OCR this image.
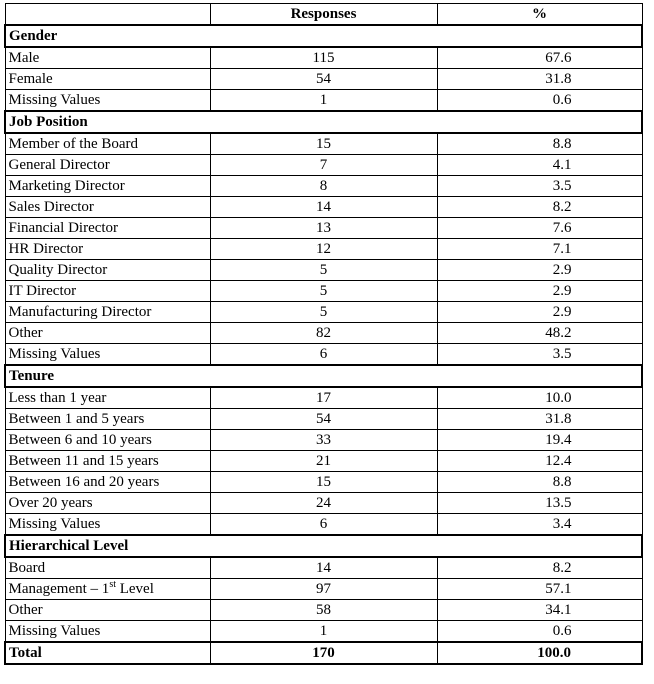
	Responses	%
Gender		
Male	115	67.6
Female	54	31.8
Missing Values	1	0.6
Job Position		
Member of the Board	15	8.8
General Director	7	4.1
Marketing Director	8	3.5
Sales Director	14	8.2
Financial Director	13	7.6
HR Director	12	7.1
Quality Director	5	2.9
IT Director	5	2.9
Manufacturing Director	5	2.9
Other	82	48.2
Missing Values	6	3.5
Tenure		
Less than 1 year	17	10.0
Between 1 and 5 years	54	31.8
Between 6 and 10 years	33	19.4
Between 11 and 15 years	21	12.4
Between 16 and 20 years	15	8.8
Over 20 years	24	13.5
Missing Values	6	3.4
Hierarchical Level		
Board	14	8.2
Management – 1st Level	97	57.1
Other	58	34.1
Missing Values	1	0.6
Total	170	100.0
